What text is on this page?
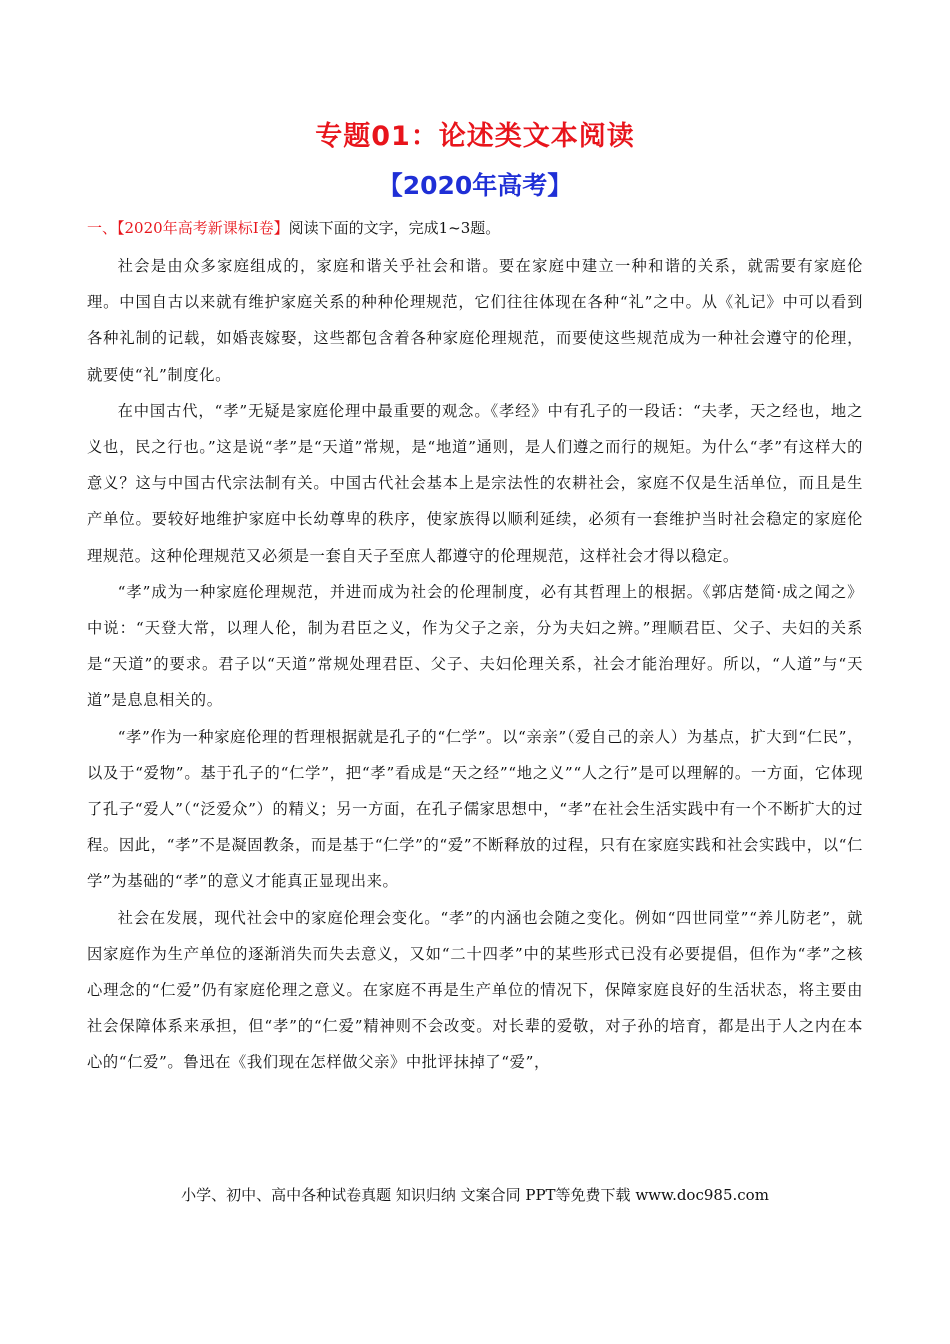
专题01：论述类文本阅读
【2020年高考】
一、【2020年高考新课标Ⅰ卷】阅读下面的文字，完成1~3题。

社会是由众多家庭组成的，家庭和谐关乎社会和谐。要在家庭中建立一种和谐的关系，就需要有家庭伦理。中国自古以来就有维护家庭关系的种种伦理规范，它们往往体现在各种“礼”之中。从《礼记》中可以看到各种礼制的记载，如婚丧嫁娶，这些都包含着各种家庭伦理规范，而要使这些规范成为一种社会遵守的伦理，就要使“礼”制度化。

在中国古代，“孝”无疑是家庭伦理中最重要的观念。《孝经》中有孔子的一段话：“夫孝，天之经也，地之义也，民之行也。”这是说“孝”是“天道”常规，是“地道”通则，是人们遵之而行的规矩。为什么“孝”有这样大的意义？这与中国古代宗法制有关。中国古代社会基本上是宗法性的农耕社会，家庭不仅是生活单位，而且是生产单位。要较好地维护家庭中长幼尊卑的秩序，使家族得以顺利延续，必须有一套维护当时社会稳定的家庭伦理规范。这种伦理规范又必须是一套自天子至庶人都遵守的伦理规范，这样社会才得以稳定。

“孝”成为一种家庭伦理规范，并进而成为社会的伦理制度，必有其哲理上的根据。《郭店楚简·成之闻之》中说：“天登大常，以理人伦，制为君臣之义，作为父子之亲，分为夫妇之辨。”理顺君臣、父子、夫妇的关系是“天道”的要求。君子以“天道”常规处理君臣、父子、夫妇伦理关系，社会才能治理好。所以，“人道”与“天道”是息息相关的。

“孝”作为一种家庭伦理的哲理根据就是孔子的“仁学”。以“亲亲”（爱自己的亲人）为基点，扩大到“仁民”，以及于“爱物”。基于孔子的“仁学”，把“孝”看成是“天之经”“地之义”“人之行”是可以理解的。一方面，它体现了孔子“爱人”（“泛爱众”）的精义；另一方面，在孔子儒家思想中，“孝”在社会生活实践中有一个不断扩大的过程。因此，“孝”不是凝固教条，而是基于“仁学”的“爱”不断释放的过程，只有在家庭实践和社会实践中，以“仁学”为基础的“孝”的意义才能真正显现出来。

社会在发展，现代社会中的家庭伦理会变化。“孝”的内涵也会随之变化。例如“四世同堂”“养儿防老”，就因家庭作为生产单位的逐渐消失而失去意义，又如“二十四孝”中的某些形式已没有必要提倡，但作为“孝”之核心理念的“仁爱”仍有家庭伦理之意义。在家庭不再是生产单位的情况下，保障家庭良好的生活状态，将主要由社会保障体系来承担，但“孝”的“仁爱”精神则不会改变。对长辈的爱敬，对子孙的培育，都是出于人之内在本心的“仁爱”。鲁迅在《我们现在怎样做父亲》中批评抹掉了“爱”，

小学、初中、高中各种试卷真题 知识归纳 文案合同 PPT等免费下载 www.doc985.com
